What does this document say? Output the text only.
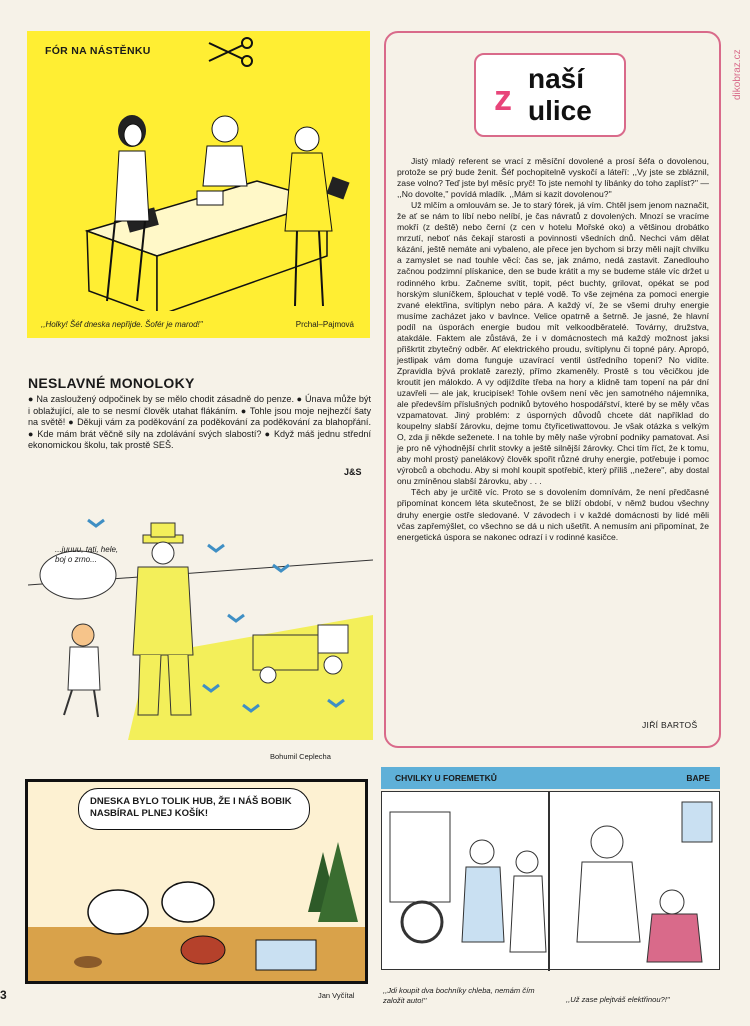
dikobraz.cz
FÓR NA NÁSTĚNKU
,,Holky! Šéf dneska nepřijde. Šofér je marod!''	Prchal–Pajmová
NESLAVNÉ MONOLOKY
● Na zasloužený odpočinek by se mělo chodit zásadně do penze. ● Únava může být i oblažující, ale to se nesmí člověk utahat flákáním. ● Tohle jsou moje nejhezčí šaty na světě! ● Děkuji vám za poděkování za poděkování za poděkování za blahopřání. ● Kde mám brát věčně síly na zdolávání svých slabostí? ● Když máš jednu střední ekonomickou školu, tak prostě SEŠ.
J&S
...juuuu, tati, hele, boj o zrno...
Bohumil Ceplecha
DNESKA BYLO TOLIK HUB, ŽE I NÁŠ BOBIK NASBÍRAL PLNEJ KOŠÍK!
Jan Vyčítal
3
z naší
ulice

Jistý mladý referent se vrací z měsíční dovolené a prosí šéfa o dovolenou, protože se prý bude ženit. Šéf pochopitelně vyskočí a láteří: ,,Vy jste se zbláznil, zase volno? Teď jste byl měsíc pryč! To jste nemohl ty líbánky do toho zaplíst?'' — ,,No dovolte,'' povídá mladík. ,,Mám si kazit dovolenou?''

Už mlčím a omlouvám se. Je to starý fórek, já vím. Chtěl jsem jenom naznačit, že ať se nám to líbí nebo nelíbí, je čas návratů z dovolených. Mnozí se vracíme mokří (z deště) nebo černí (z cen v hotelu Mořské oko) a většinou drobátko mrzutí, neboť nás čekají starosti a povinnosti všedních dnů. Nechci vám dělat kázání, ještě nemáte ani vybaleno, ale přece jen bychom si brzy měli najít chvilku a zamyslet se nad touhle věcí: čas se, jak známo, nedá zastavit. Zanedlouho začnou podzimní plískanice, den se bude krátit a my se budeme stále víc držet u rodinného krbu. Začneme svítit, topit, péct buchty, grilovat, opékat se pod horským sluníčkem, šplouchat v teplé vodě. To vše zejména za pomoci energie zvané elektřina, svítiplyn nebo pára. A každý ví, že se všemi druhy energie musíme zacházet jako v bavlnce. Velice opatrně a šetrně. Je jasné, že hlavní podíl na úsporách energie budou mít velkoodběratelé. Továrny, družstva, atakdále. Faktem ale zůstává, že i v domácnostech má každý možnost jaksi přiškrtit zbytečný odběr. Ať elektrického proudu, svítiplynu či topné páry. Apropó, jestlipak vám doma funguje uzavírací ventil ústředního topení? No vidíte. Zpravidla bývá proklatě zarezlý, přímo zkameněly. Prostě s tou věcičkou jde kroutit jen málokdo. A vy odjíždíte třeba na hory a klidně tam topení na pár dní uzavřeli — ale jak, krucipísek! Tohle ovšem není věc jen samotného nájemníka, ale především příslušných podniků bytového hospodářství, které by se měly včas vzpamatovat. Jiný problém: z úsporných důvodů chcete dát například do koupelny slabší žárovku, dejme tomu čtyřicetiwattovou. Je však otázka s velkým O, zda ji někde seženete. I na tohle by měly naše výrobní podniky pamatovat. Asi je pro ně výhodnější chrlit stovky a ještě silnější žárovky. Chci tím říct, že k tomu, aby mohl prostý panelákový člověk spořit různé druhy energie, potřebuje i pomoc výrobců a obchodu. Aby si mohl koupit spotřebič, který příliš ,,nežere'', aby dostal onu zmíněnou slabší žárovku, aby . . .

Těch aby je určitě víc. Proto se s dovolením domnívám, že není předčasné připomínat koncem léta skutečnost, že se blíží období, v němž budou všechny druhy energie ostře sledované. V závodech i v každé domácnosti by lidé měli včas zapřemýšlet, co všechno se dá u nich ušetřit. A nemusím ani připomínat, že energetická úspora se nakonec odrazí i v rodinné kasičce.

JIŘÍ BARTOŠ
CHVILKY U FOREMETKŮ	BAPE
,,Jdi koupit dva bochníky chleba, nemám čím založit auto!''	,,Už zase plejtváš elektřinou?!''
